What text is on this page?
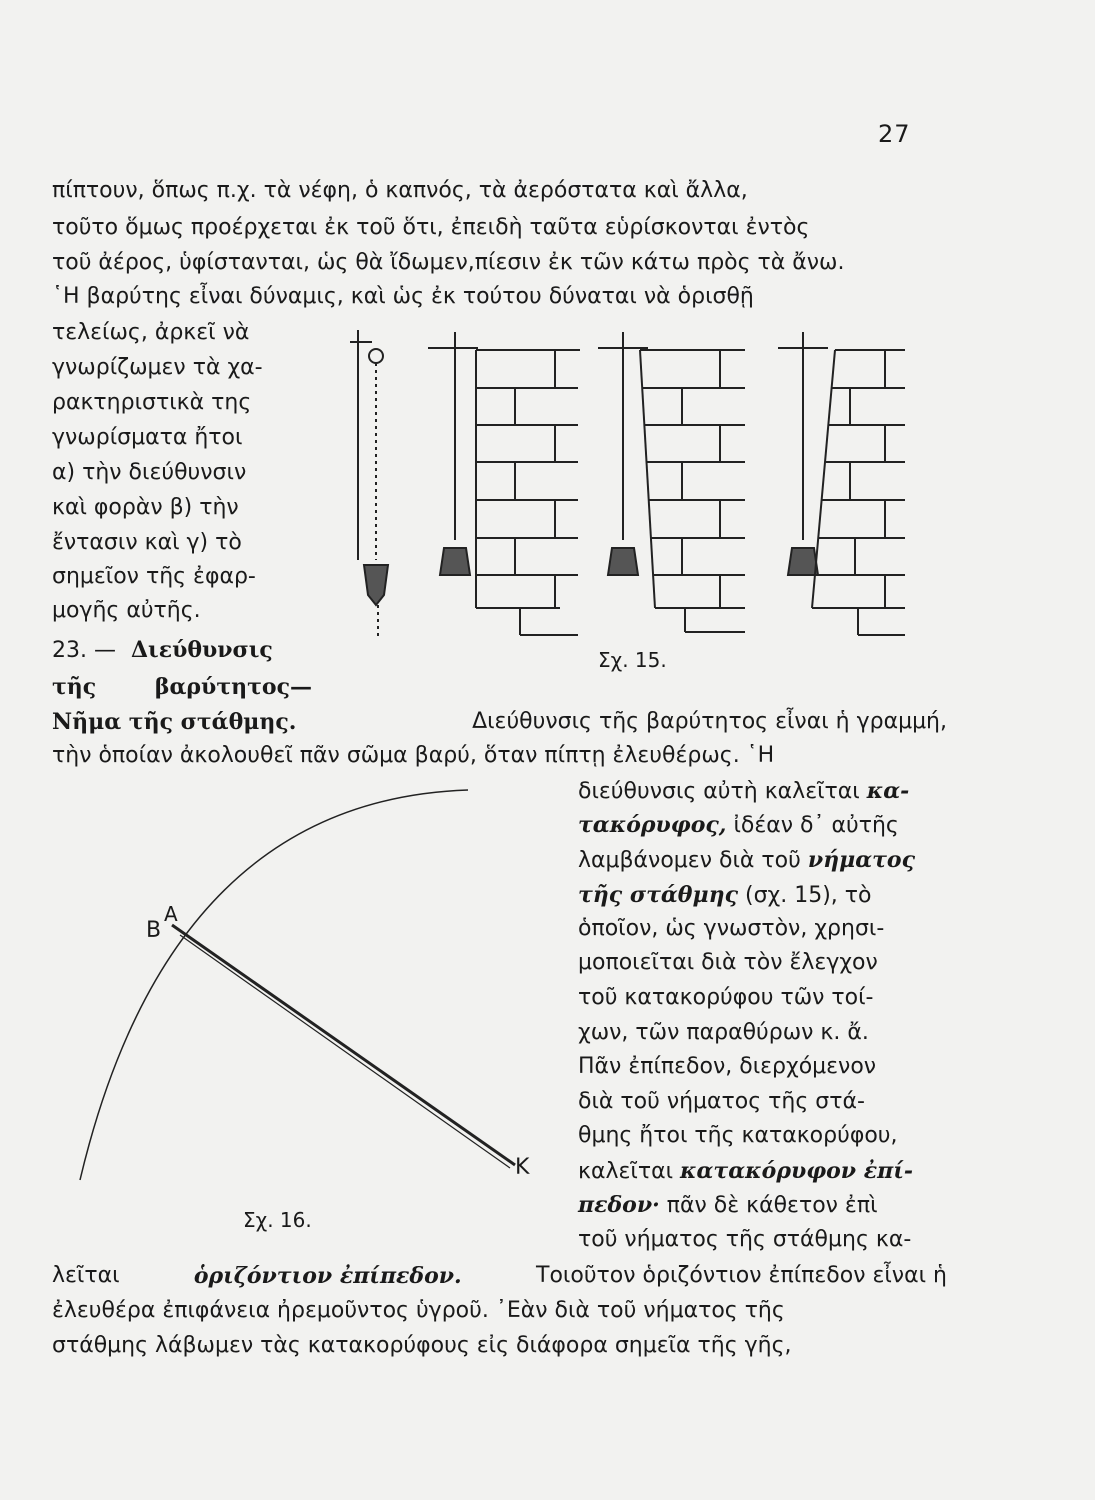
27
πίπτουν, ὅπως π.χ. τὰ νέφη, ὁ καπνός, τὰ ἀερόστατα καὶ ἄλλα,
τοῦτο ὅμως προέρχεται ἐκ τοῦ ὅτι, ἐπειδὴ ταῦτα εὑρίσκονται ἐντὸς
τοῦ ἀέρος, ὑφίστανται, ὡς θὰ ἴδωμεν,πίεσιν ἐκ τῶν κάτω πρὸς τὰ ἄνω.
῾Η βαρύτης εἶναι δύναμις, καὶ ὡς ἐκ τούτου δύναται νὰ ὁρισθῇ
τελείως, ἀρκεῖ νὰ
γνωρίζωμεν τὰ χα-
ρακτηριστικὰ της
γνωρίσματα ἤτοι
α) τὴν διεύθυνσιν
καὶ φορὰν β) τὴν
ἔντασιν καὶ γ) τὸ
σημεῖον τῆς ἐφαρ-
μογῆς αὐτῆς.
23. — Διεύθυνσις
τῆς	βαρύτητος—
Νῆμα τῆς στάθμης.	Διεύθυνσις τῆς βαρύτητος εἶναι ἡ γραμμή,
τὴν ὁποίαν ἀκολουθεῖ πᾶν σῶμα βαρύ, ὅταν πίπτῃ ἐλευθέρως. ῾Η
διεύθυνσις αὐτὴ καλεῖται κα-
τακόρυφος, ἰδέαν δ᾽ αὐτῆς
λαμβάνομεν διὰ τοῦ νήματος
τῆς στάθμης (σχ. 15), τὸ
ὁποῖον, ὡς γνωστὸν, χρησι-
μοποιεῖται διὰ τὸν ἔλεγχον
τοῦ κατακορύφου τῶν τοί-
χων, τῶν παραθύρων κ. ἄ.
Πᾶν ἐπίπεδον, διερχόμενον
διὰ τοῦ νήματος τῆς στά-
θμης ἤτοι τῆς κατακορύφου,
καλεῖται κατακόρυφον ἐπί-
πεδον· πᾶν δὲ κάθετον ἐπὶ
τοῦ νήματος τῆς στάθμης κα-
λεῖται	ὁριζόντιον ἐπίπεδον.	Τοιοῦτον ὁριζόντιον ἐπίπεδον εἶναι ἡ
ἐλευθέρα ἐπιφάνεια ἠρεμοῦντος ὑγροῦ. ᾽Εὰν διὰ τοῦ νήματος τῆς
στάθμης λάβωμεν τὰς κατακορύφους εἰς διάφορα σημεῖα τῆς γῆς,
Σχ. 15.
Σχ. 16.
Β
Α
Κ
